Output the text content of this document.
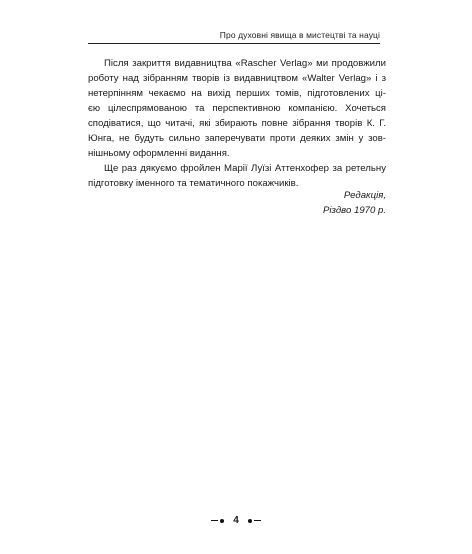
Про духовні явища в мистецтві та науці
Після закриття видавництва «Rascher Verlag» ми продовжили
роботу над зібранням творів із видавництвом «Walter Verlag» і з
нетерпінням чекаємо на вихід перших томів, підготовлених ці-
єю цілеспрямованою та перспективною компанією. Хочеться
сподіватися, що читачі, які збирають повне зібрання творів К. Г.
Юнга, не будуть сильно заперечувати проти деяких змін у зов-
нішньому оформленні видання.
Ще раз дякуємо фройлен Марії Луїзі Аттенхофер за ретельну
підготовку іменного та тематичного покажчиків.
Редакція,
Різдво 1970 р.
4
